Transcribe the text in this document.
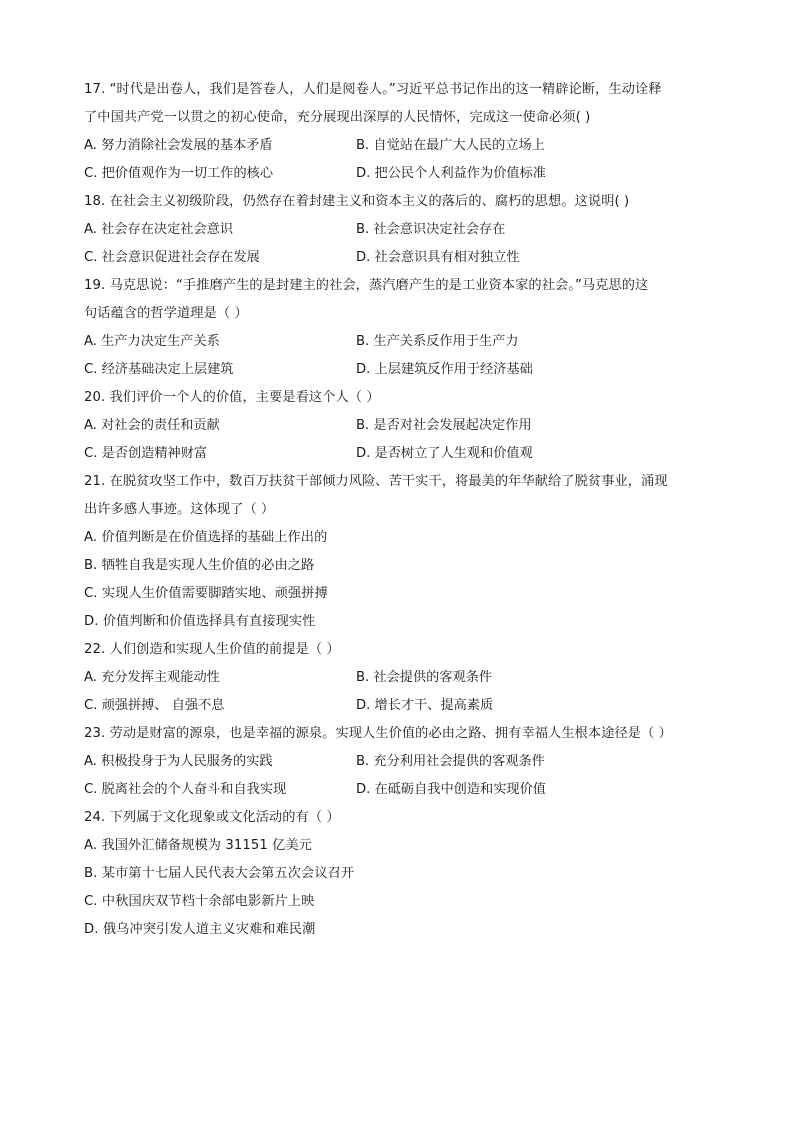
17. “时代是出卷人，我们是答卷人，人们是阅卷人。”习近平总书记作出的这一精辟论断，生动诠释
了中国共产党一以贯之的初心使命，充分展现出深厚的人民情怀，完成这一使命必须( )
A. 努力消除社会发展的基本矛盾	B. 自觉站在最广大人民的立场上
C. 把价值观作为一切工作的核心	D. 把公民个人利益作为价值标准
18. 在社会主义初级阶段，仍然存在着封建主义和资本主义的落后的、腐朽的思想。这说明( )
A. 社会存在决定社会意识	B. 社会意识决定社会存在
C. 社会意识促进社会存在发展	D. 社会意识具有相对独立性
19. 马克思说：“手推磨产生的是封建主的社会，蒸汽磨产生的是工业资本家的社会。”马克思的这
句话蕴含的哲学道理是（ ）
A. 生产力决定生产关系	B. 生产关系反作用于生产力
C. 经济基础决定上层建筑	D. 上层建筑反作用于经济基础
20. 我们评价一个人的价值，主要是看这个人（ ）
A. 对社会的责任和贡献	B. 是否对社会发展起决定作用
C. 是否创造精神财富	D. 是否树立了人生观和价值观
21. 在脱贫攻坚工作中，数百万扶贫干部倾力风险、苦干实干，将最美的年华献给了脱贫事业，涌现
出许多感人事迹。这体现了（ ）
A. 价值判断是在价值选择的基础上作出的
B. 牺牲自我是实现人生价值的必由之路
C. 实现人生价值需要脚踏实地、顽强拼搏
D. 价值判断和价值选择具有直接现实性
22. 人们创造和实现人生价值的前提是（ ）
A. 充分发挥主观能动性	B. 社会提供的客观条件
C. 顽强拼搏、 自强不息	D. 增长才干、提高素质
23. 劳动是财富的源泉，也是幸福的源泉。实现人生价值的必由之路、拥有幸福人生根本途径是（ ）
A. 积极投身于为人民服务的实践	B. 充分利用社会提供的客观条件
C. 脱离社会的个人奋斗和自我实现	D. 在砥砺自我中创造和实现价值
24. 下列属于文化现象或文化活动的有（ ）
A. 我国外汇储备规模为 31151 亿美元
B. 某市第十七届人民代表大会第五次会议召开
C. 中秋国庆双节档十余部电影新片上映
D. 俄乌冲突引发人道主义灾难和难民潮
